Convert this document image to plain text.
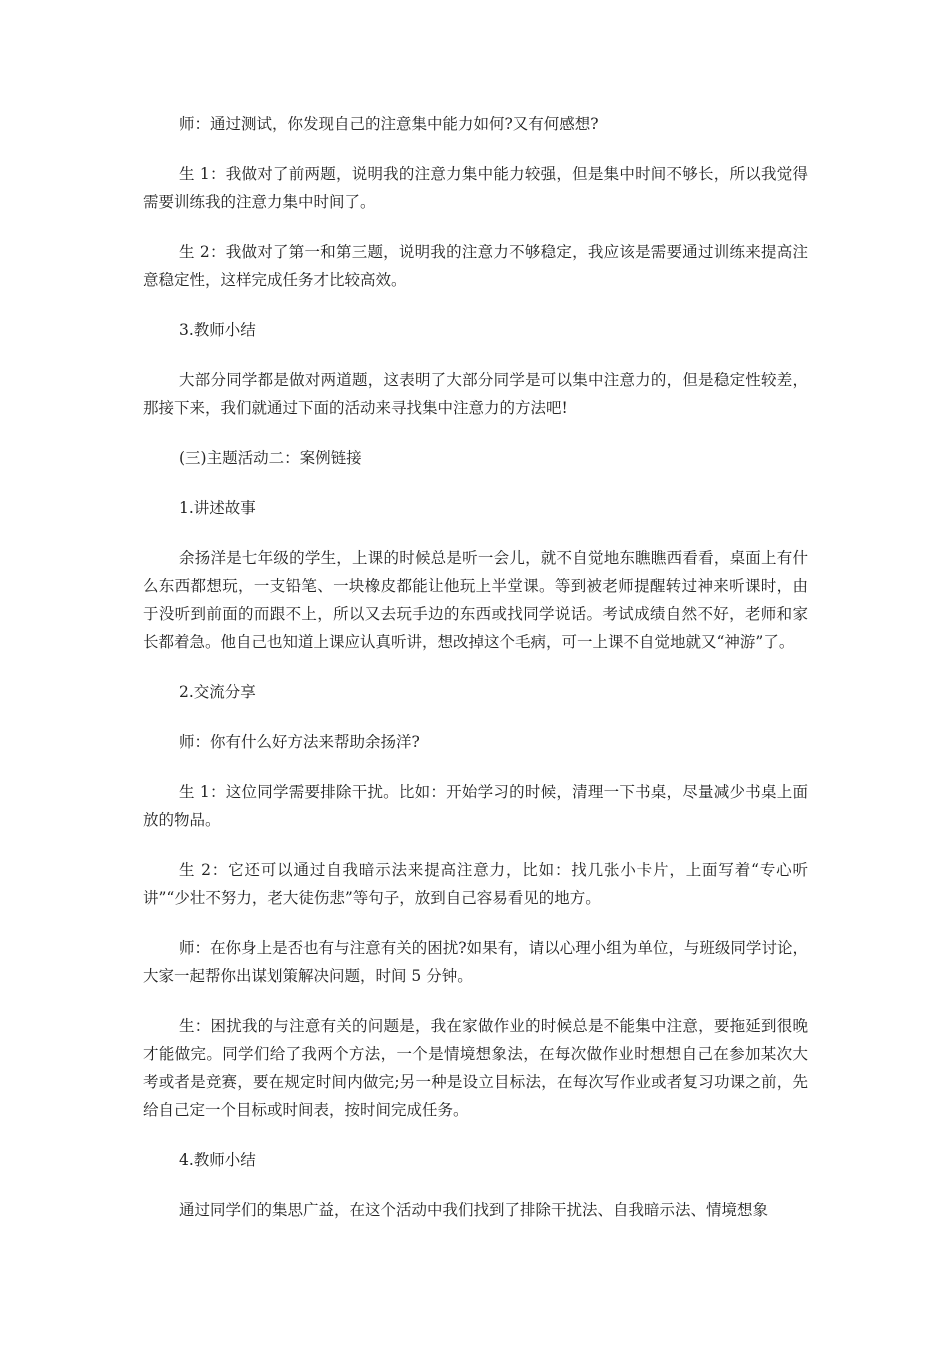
师：通过测试，你发现自己的注意集中能力如何?又有何感想?

生 1：我做对了前两题，说明我的注意力集中能力较强，但是集中时间不够长，所以我觉得需要训练我的注意力集中时间了。

生 2：我做对了第一和第三题，说明我的注意力不够稳定，我应该是需要通过训练来提高注意稳定性，这样完成任务才比较高效。

3.教师小结

大部分同学都是做对两道题，这表明了大部分同学是可以集中注意力的，但是稳定性较差，那接下来，我们就通过下面的活动来寻找集中注意力的方法吧!

(三)主题活动二：案例链接

1.讲述故事

余扬洋是七年级的学生，上课的时候总是听一会儿，就不自觉地东瞧瞧西看看，桌面上有什么东西都想玩，一支铅笔、一块橡皮都能让他玩上半堂课。等到被老师提醒转过神来听课时，由于没听到前面的而跟不上，所以又去玩手边的东西或找同学说话。考试成绩自然不好，老师和家长都着急。他自己也知道上课应认真听讲，想改掉这个毛病，可一上课不自觉地就又“神游”了。

2.交流分享

师：你有什么好方法来帮助余扬洋?

生 1：这位同学需要排除干扰。比如：开始学习的时候，清理一下书桌，尽量减少书桌上面放的物品。

生 2：它还可以通过自我暗示法来提高注意力，比如：找几张小卡片，上面写着“专心听讲”“少壮不努力，老大徒伤悲”等句子，放到自己容易看见的地方。

师：在你身上是否也有与注意有关的困扰?如果有，请以心理小组为单位，与班级同学讨论，大家一起帮你出谋划策解决问题，时间 5 分钟。

生：困扰我的与注意有关的问题是，我在家做作业的时候总是不能集中注意，要拖延到很晚才能做完。同学们给了我两个方法，一个是情境想象法，在每次做作业时想想自己在参加某次大考或者是竞赛，要在规定时间内做完;另一种是设立目标法，在每次写作业或者复习功课之前，先给自己定一个目标或时间表，按时间完成任务。

4.教师小结

通过同学们的集思广益，在这个活动中我们找到了排除干扰法、自我暗示法、情境想象
